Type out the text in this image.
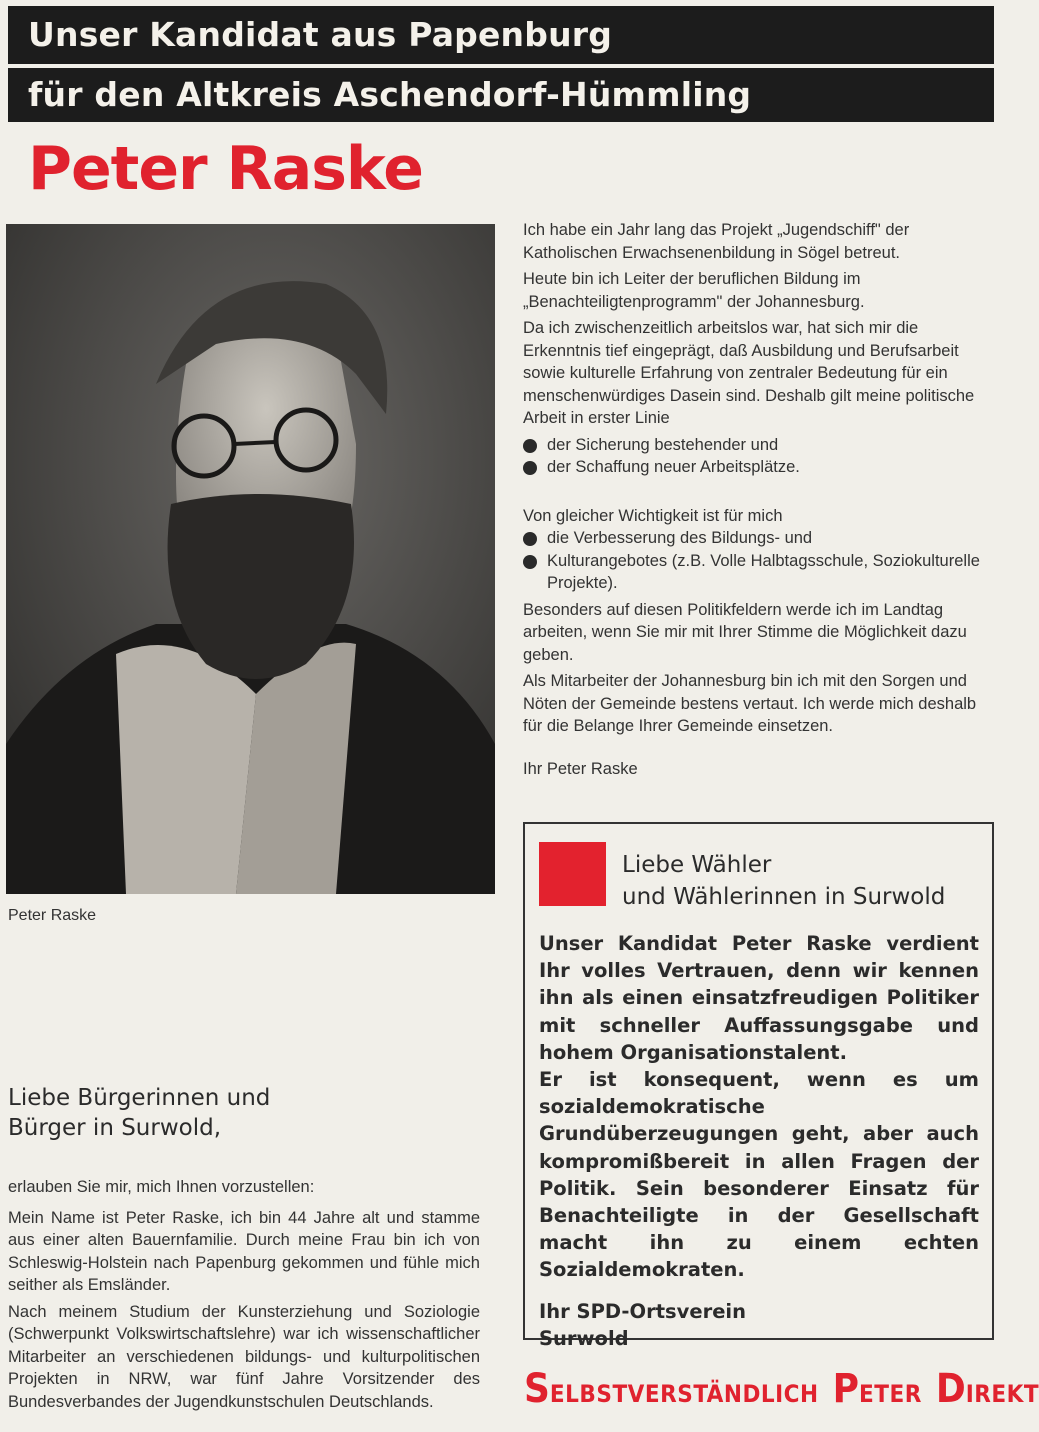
Unser Kandidat aus Papenburg
für den Altkreis Aschendorf-Hümmling
Peter Raske
Peter Raske

Ich habe ein Jahr lang das Projekt „Jugendschiff" der Katholischen Erwachsenenbildung in Sögel betreut.

Heute bin ich Leiter der beruflichen Bildung im „Benachteiligtenprogramm" der Johannesburg.

Da ich zwischenzeitlich arbeitslos war, hat sich mir die Erkenntnis tief eingeprägt, daß Ausbildung und Berufsarbeit sowie kulturelle Erfahrung von zentraler Bedeutung für ein menschenwürdiges Dasein sind. Deshalb gilt meine politische Arbeit in erster Linie

der Sicherung bestehender und
der Schaffung neuer Arbeitsplätze.

Von gleicher Wichtigkeit ist für mich

die Verbesserung des Bildungs- und
Kulturangebotes (z.B. Volle Halbtagsschule, Soziokulturelle Projekte).

Besonders auf diesen Politikfeldern werde ich im Landtag arbeiten, wenn Sie mir mit Ihrer Stimme die Möglichkeit dazu geben.

Als Mitarbeiter der Johannesburg bin ich mit den Sorgen und Nöten der Gemeinde bestens vertaut. Ich werde mich deshalb für die Belange Ihrer Gemeinde einsetzen.

Ihr Peter Raske

Liebe Bürgerinnen und
Bürger in Surwold,

erlauben Sie mir, mich Ihnen vorzustellen:

Mein Name ist Peter Raske, ich bin 44 Jahre alt und stamme aus einer alten Bauernfamilie. Durch meine Frau bin ich von Schleswig-Holstein nach Papenburg gekommen und fühle mich seither als Emsländer.

Nach meinem Studium der Kunsterziehung und Soziologie (Schwerpunkt Volkswirtschaftslehre) war ich wissenschaftlicher Mitarbeiter an verschiedenen bildungs- und kulturpolitischen Projekten in NRW, war fünf Jahre Vorsitzender des Bundesverbandes der Jugendkunstschulen Deutschlands.

Liebe Wähler
und Wählerinnen in Surwold

Unser Kandidat Peter Raske verdient Ihr volles Vertrauen, denn wir kennen ihn als einen einsatzfreudigen Politiker mit schneller Auffassungsgabe und hohem Organisationstalent.

Er ist konsequent, wenn es um sozialdemokratische Grundüberzeugungen geht, aber auch kompromißbereit in allen Fragen der Politik. Sein besonderer Einsatz für Benachteiligte in der Gesellschaft macht ihn zu einem echten Sozialdemokraten.

Ihr SPD-Ortsverein
Surwold

SELBSTVERSTÄNDLICH PETER DIREKT
